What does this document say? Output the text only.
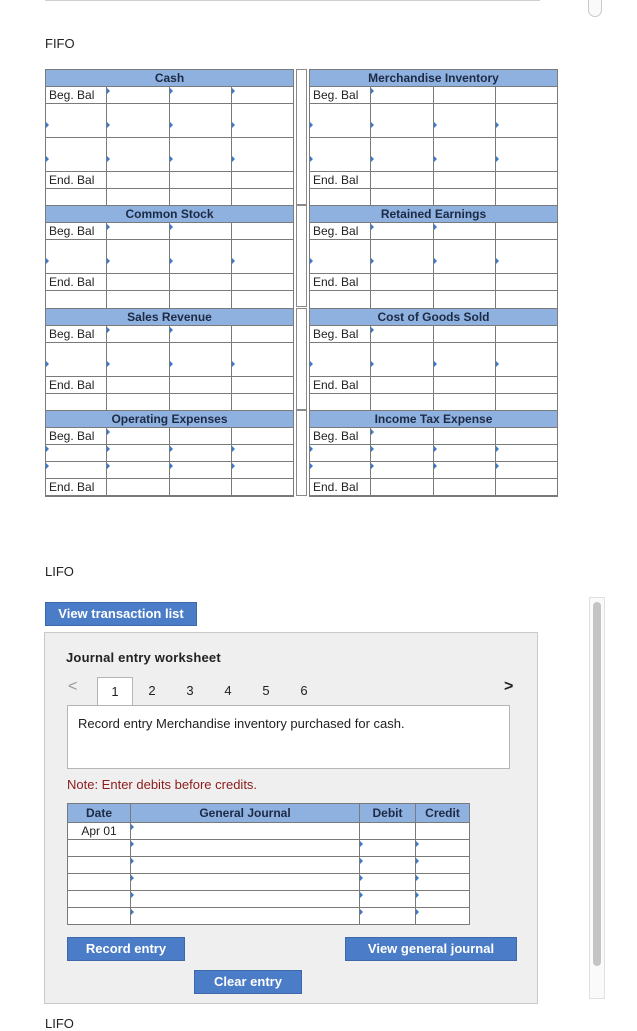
FIFO
Cash
Beg. Bal
End. Bal
Merchandise Inventory
Beg. Bal
End. Bal
Common Stock
Beg. Bal
End. Bal
Retained Earnings
Beg. Bal
End. Bal
Sales Revenue
Beg. Bal
End. Bal
Cost of Goods Sold
Beg. Bal
End. Bal
Operating Expenses
Beg. Bal
End. Bal
Income Tax Expense
Beg. Bal
End. Bal
LIFO
View transaction list
Journal entry worksheet
<	1	2	3	4	5	6	>
Record entry Merchandise inventory purchased for cash.
Note: Enter debits before credits.
Date	General Journal	Debit	Credit
Apr 01	

Record entry	View general journal
Clear entry
LIFO
